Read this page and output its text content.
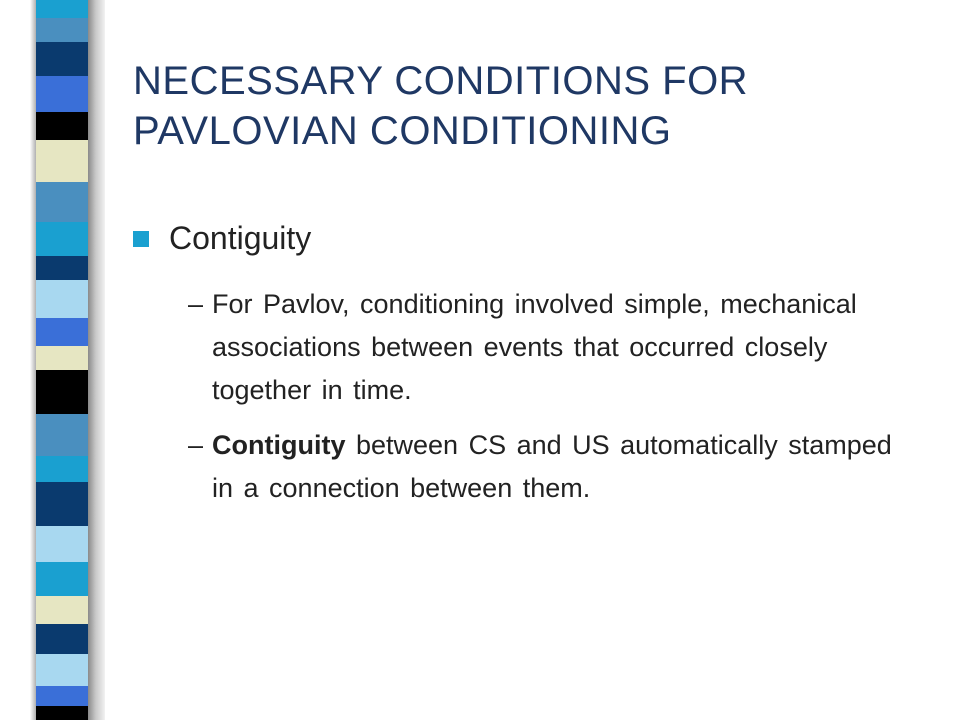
NECESSARY CONDITIONS FOR
PAVLOVIAN CONDITIONING
Contiguity
– For Pavlov, conditioning involved simple, mechanical associations between events that occurred closely together in time.
– Contiguity between CS and US automatically stamped in a connection between them.
